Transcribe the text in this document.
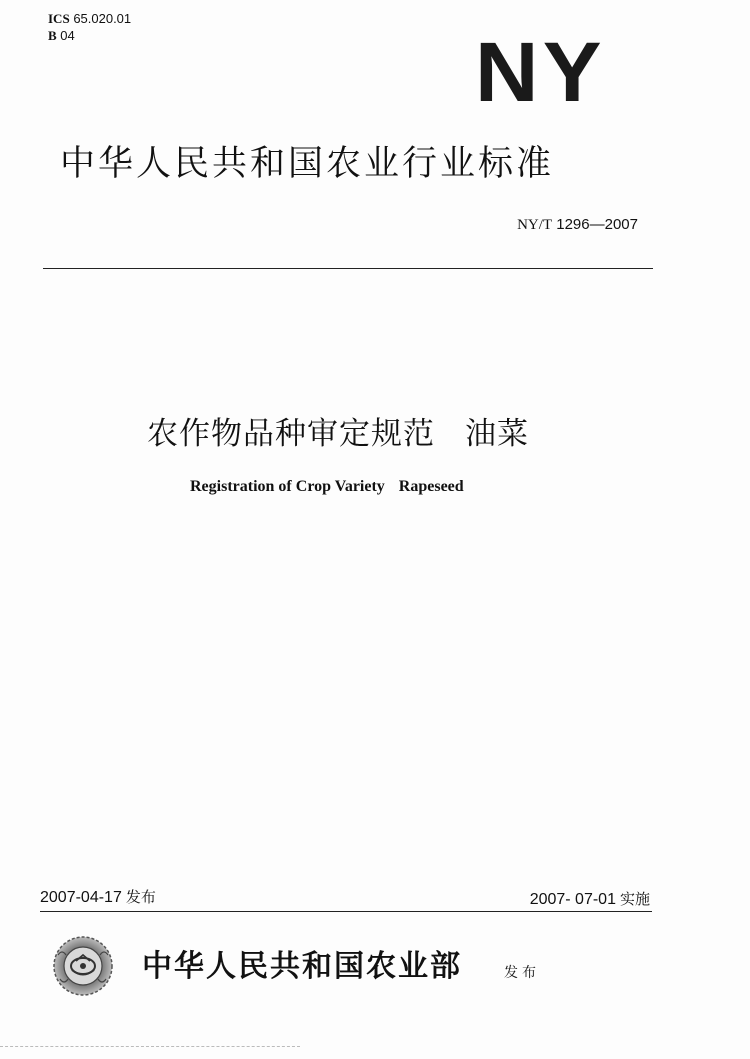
ICS 65.020.01
B 04	NY
中华人民共和国农业行业标准
NY/T 1296—2007
农作物品种审定规范 油菜
Registration of Crop Variety Rapeseed
2007-04-17 发布	2007- 07-01 实施
中华人民共和国农业部	发布
